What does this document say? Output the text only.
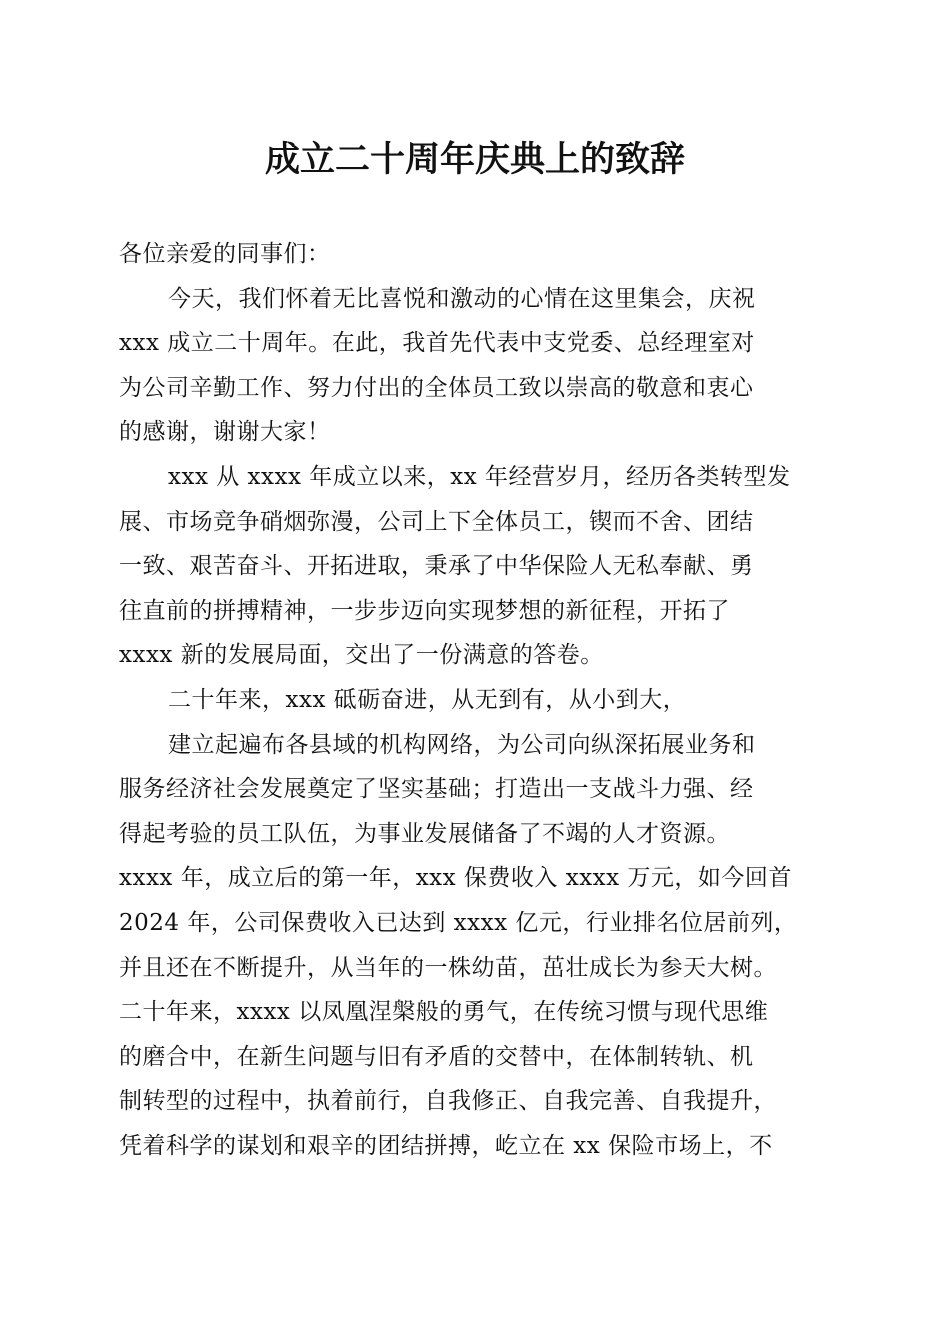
成立二十周年庆典上的致辞
各位亲爱的同事们：
今天，我们怀着无比喜悦和激动的心情在这里集会，庆祝
xxx 成立二十周年。在此，我首先代表中支党委、总经理室对
为公司辛勤工作、努力付出的全体员工致以崇高的敬意和衷心
的感谢，谢谢大家！
xxx 从 xxxx 年成立以来，xx 年经营岁月，经历各类转型发
展、市场竞争硝烟弥漫，公司上下全体员工，锲而不舍、团结
一致、艰苦奋斗、开拓进取，秉承了中华保险人无私奉献、勇
往直前的拼搏精神，一步步迈向实现梦想的新征程，开拓了
xxxx 新的发展局面，交出了一份满意的答卷。
二十年来，xxx 砥砺奋进，从无到有，从小到大，
建立起遍布各县域的机构网络，为公司向纵深拓展业务和
服务经济社会发展奠定了坚实基础；打造出一支战斗力强、经
得起考验的员工队伍，为事业发展储备了不竭的人才资源。
xxxx 年，成立后的第一年，xxx 保费收入 xxxx 万元，如今回首
2024 年，公司保费收入已达到 xxxx 亿元，行业排名位居前列，
并且还在不断提升，从当年的一株幼苗，茁壮成长为参天大树。
二十年来，xxxx 以凤凰涅槃般的勇气，在传统习惯与现代思维
的磨合中，在新生问题与旧有矛盾的交替中，在体制转轨、机
制转型的过程中，执着前行，自我修正、自我完善、自我提升，
凭着科学的谋划和艰辛的团结拼搏，屹立在 xx 保险市场上，不
